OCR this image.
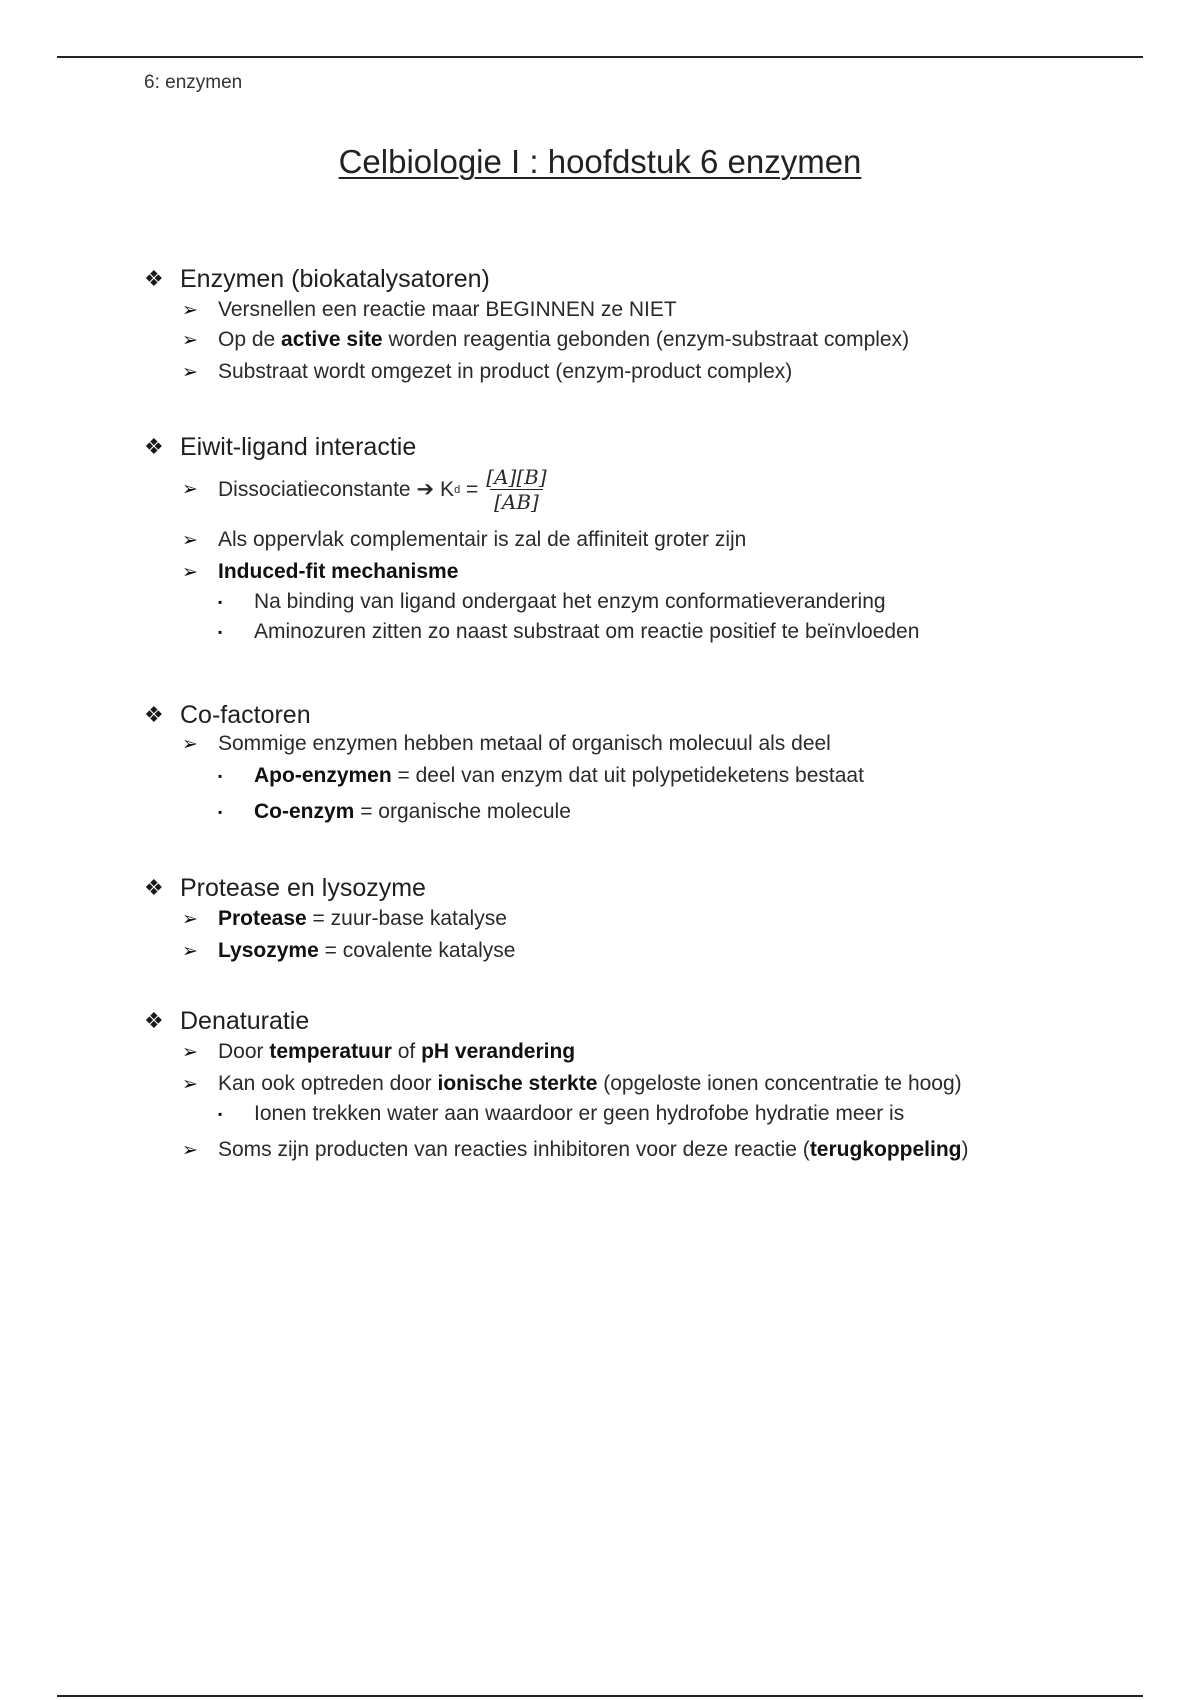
6: enzymen
Celbiologie I : hoofdstuk 6 enzymen
❖ Enzymen (biokatalysatoren)
➢ Versnellen een reactie maar BEGINNEN ze NIET
➢ Op de active site worden reagentia gebonden (enzym-substraat complex)
➢ Substraat wordt omgezet in product (enzym-product complex)
❖ Eiwit-ligand interactie
➢ Dissociatieconstante ➔ K $d = \frac{[A][B]}{[AB]}$
➢ Als oppervlak complementair is zal de affiniteit groter zijn
➢ Induced-fit mechanisme
▪	Na binding van ligand ondergaat het enzym conformatieverandering
▪	Aminozuren zitten zo naast substraat om reactie positief te beïnvloeden
❖ Co-factoren
➢ Sommige enzymen hebben metaal of organisch molecuul als deel
▪	Apo-enzymen = deel van enzym dat uit polypetideketens bestaat
▪	Co-enzym = organische molecule
❖ Protease en lysozyme
➢ Protease = zuur-base katalyse
➢ Lysozyme = covalente katalyse
❖ Denaturatie
➢ Door temperatuur of pH verandering
➢ Kan ook optreden door ionische sterkte (opgeloste ionen concentratie te hoog)
▪	Ionen trekken water aan waardoor er geen hydrofobe hydratie meer is
➢ Soms zijn producten van reacties inhibitoren voor deze reactie ( terugkoppeling )
